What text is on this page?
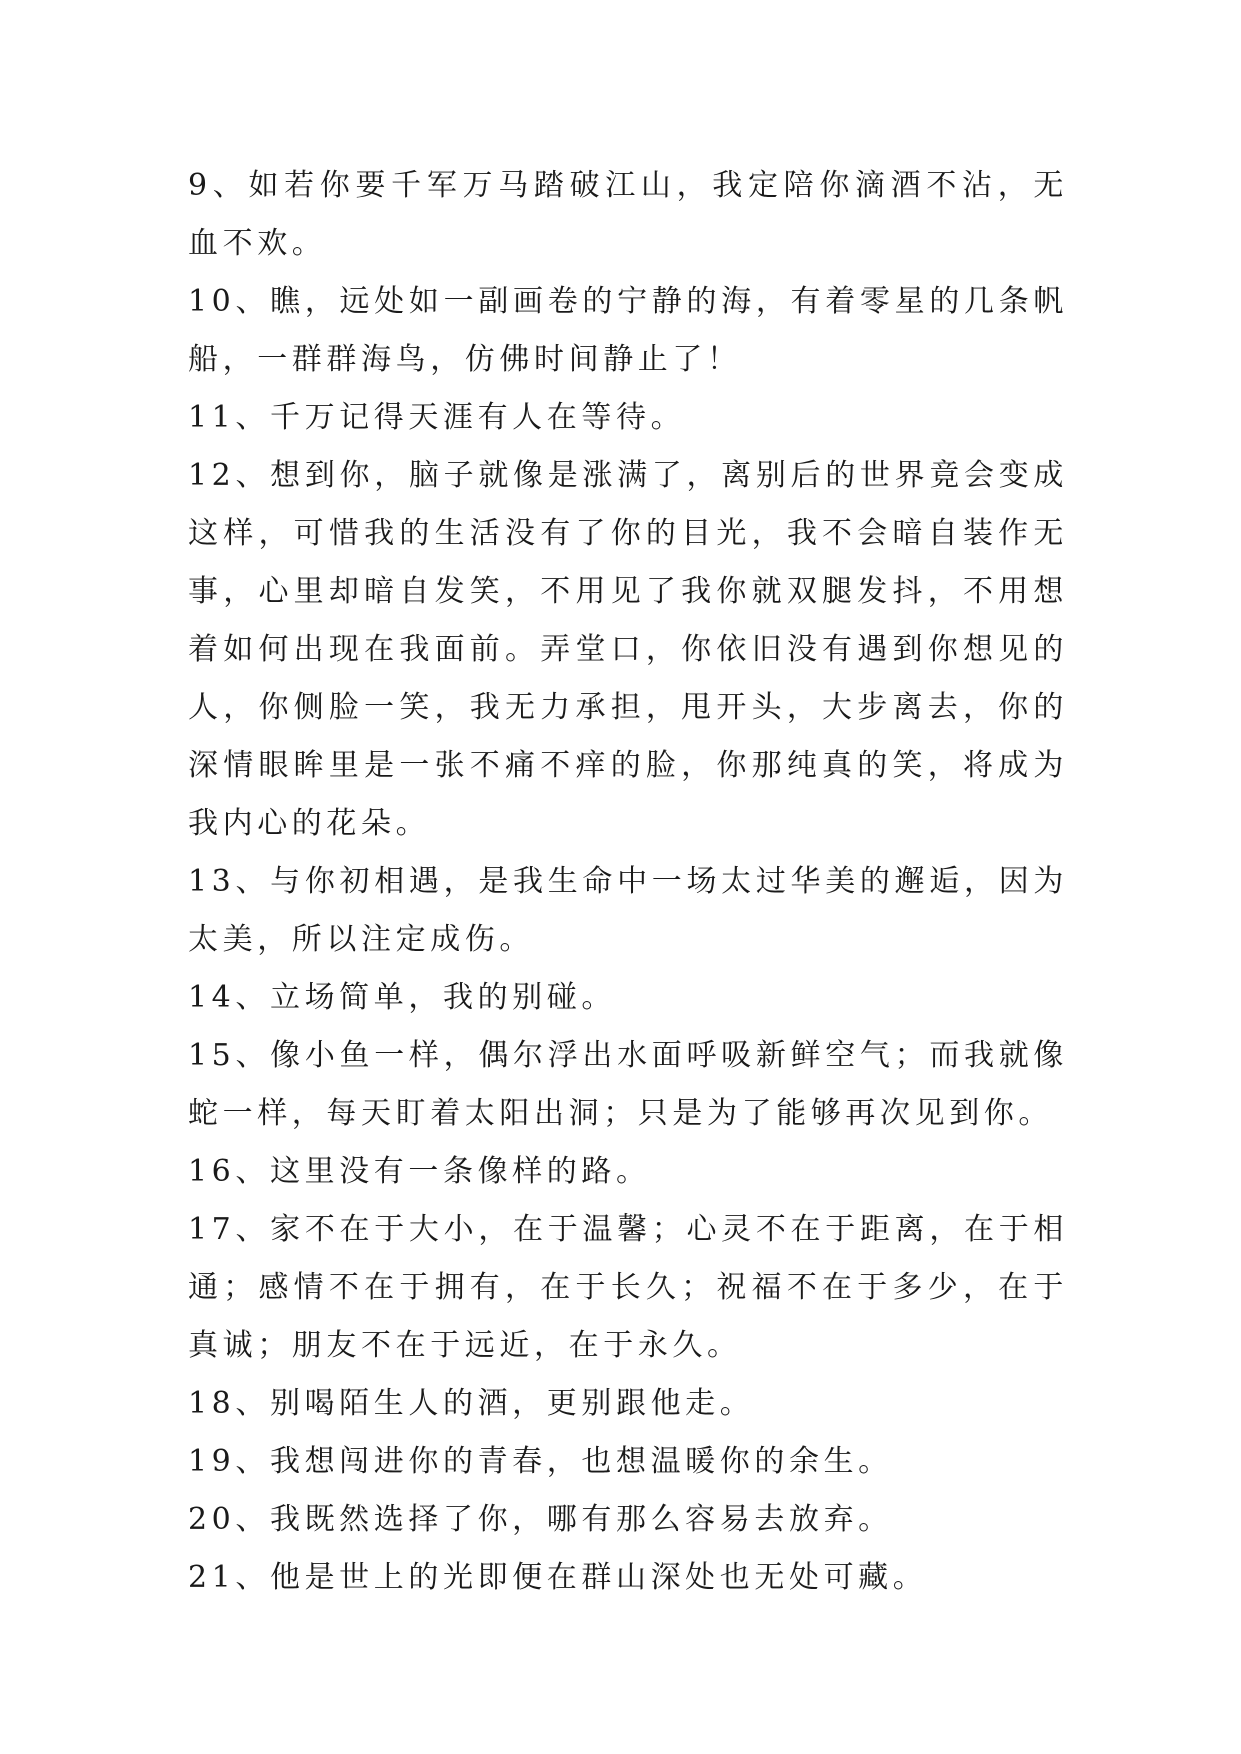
9、如若你要千军万马踏破江山，我定陪你滴酒不沾，无血不欢。

10、瞧，远处如一副画卷的宁静的海，有着零星的几条帆船，一群群海鸟，仿佛时间静止了！

11、千万记得天涯有人在等待。

12、想到你，脑子就像是涨满了，离别后的世界竟会变成这样，可惜我的生活没有了你的目光，我不会暗自装作无事，心里却暗自发笑，不用见了我你就双腿发抖，不用想着如何出现在我面前。弄堂口，你依旧没有遇到你想见的人，你侧脸一笑，我无力承担，甩开头，大步离去，你的深情眼眸里是一张不痛不痒的脸，你那纯真的笑，将成为我内心的花朵。

13、与你初相遇，是我生命中一场太过华美的邂逅，因为太美，所以注定成伤。

14、立场简单，我的别碰。

15、像小鱼一样，偶尔浮出水面呼吸新鲜空气；而我就像蛇一样，每天盯着太阳出洞；只是为了能够再次见到你。

16、这里没有一条像样的路。

17、家不在于大小，在于温馨；心灵不在于距离，在于相通；感情不在于拥有，在于长久；祝福不在于多少，在于真诚；朋友不在于远近，在于永久。

18、别喝陌生人的酒，更别跟他走。

19、我想闯进你的青春，也想温暖你的余生。

20、我既然选择了你，哪有那么容易去放弃。

21、他是世上的光即便在群山深处也无处可藏。
